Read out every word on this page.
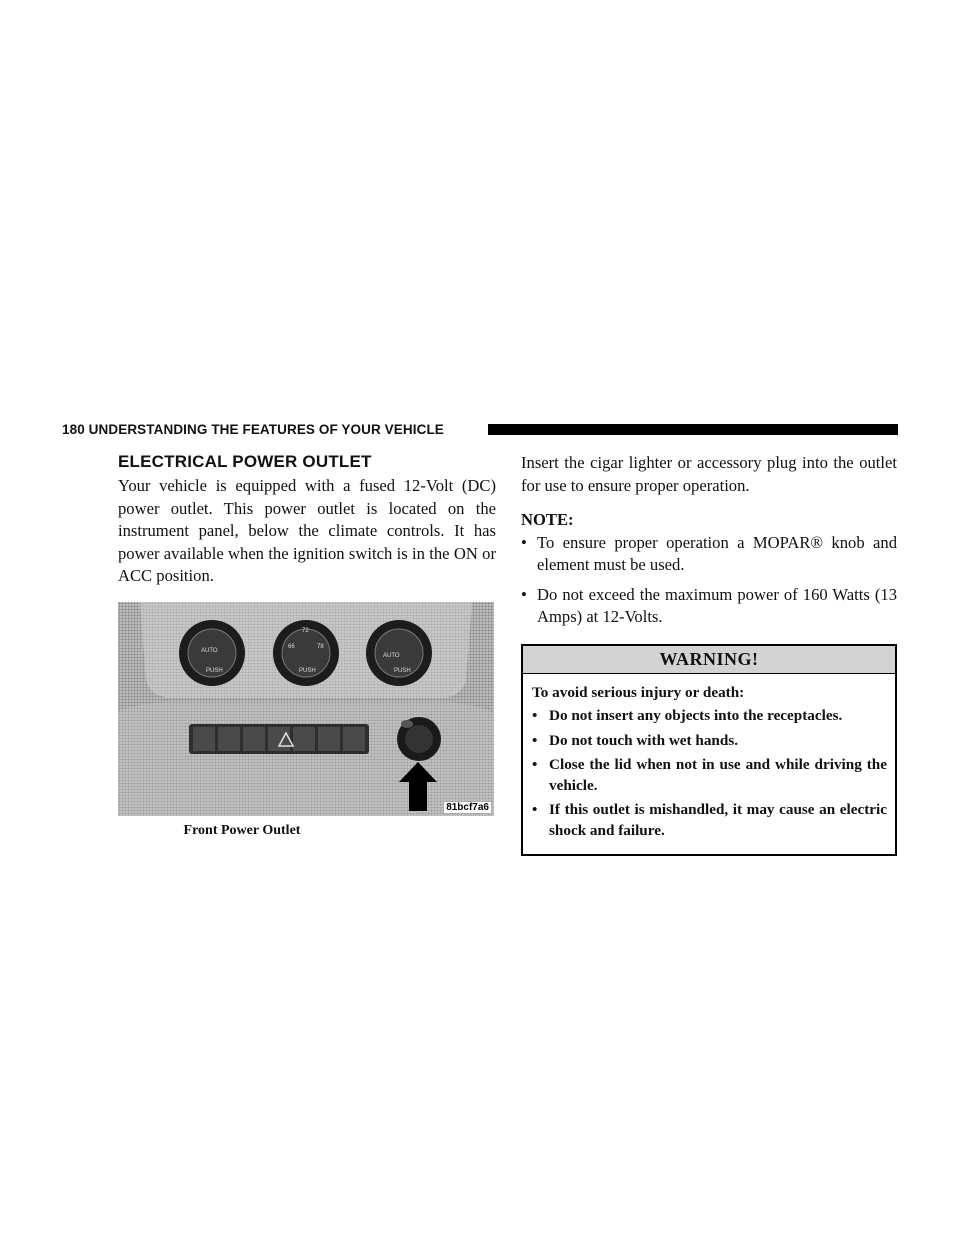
180 UNDERSTANDING THE FEATURES OF YOUR VEHICLE
ELECTRICAL POWER OUTLET

Your vehicle is equipped with a fused 12-Volt (DC) power outlet. This power outlet is located on the instrument panel, below the climate controls. It has power available when the ignition switch is in the ON or ACC position.

AUTO
PUSH
66
72
78
PUSH
AUTO
PUSH
81bcf7a6
Front Power Outlet

Insert the cigar lighter or accessory plug into the outlet for use to ensure proper operation.

NOTE:
• To ensure proper operation a MOPAR® knob and element must be used.
• Do not exceed the maximum power of 160 Watts (13 Amps) at 12-Volts.
WARNING!

To avoid serious injury or death:

• Do not insert any objects into the receptacles.
• Do not touch with wet hands.
• Close the lid when not in use and while driving the vehicle.
• If this outlet is mishandled, it may cause an electric shock and failure.
